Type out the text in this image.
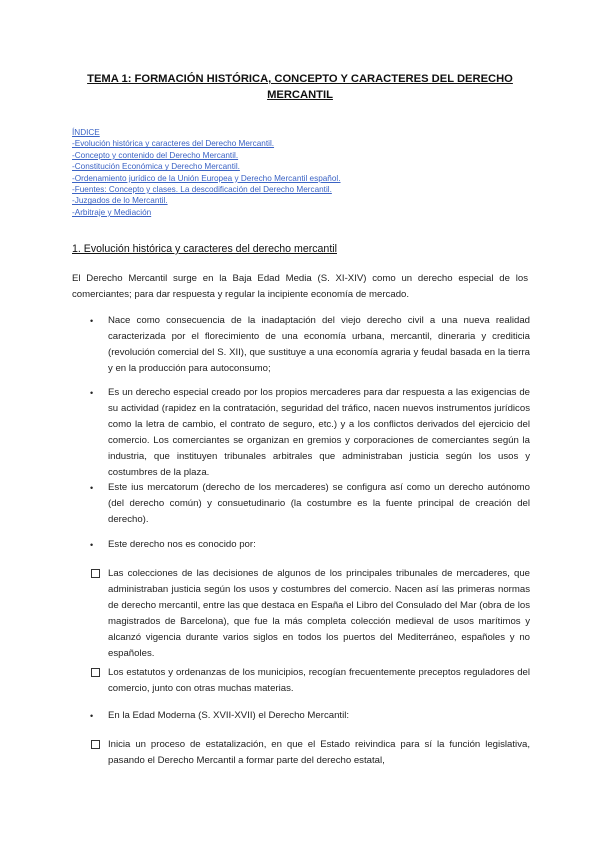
TEMA 1: FORMACIÓN HISTÓRICA, CONCEPTO Y CARACTERES DEL DERECHO MERCANTIL
ÍNDICE
-Evolución histórica y caracteres del Derecho Mercantil.
-Concepto y contenido del Derecho Mercantil.
-Constitución Económica y Derecho Mercantil.
-Ordenamiento jurídico de la Unión Europea y Derecho Mercantil español.
-Fuentes: Concepto y clases. La descodificación del Derecho Mercantil.
-Juzgados de lo Mercantil.
-Arbitraje y Mediación
1. Evolución histórica y caracteres del derecho mercantil
El Derecho Mercantil surge en la Baja Edad Media (S. XI-XIV) como un derecho especial de los comerciantes; para dar respuesta y regular la incipiente economía de mercado.
•	Nace como consecuencia de la inadaptación del viejo derecho civil a una nueva realidad caracterizada por el florecimiento de una economía urbana, mercantil, dineraria y crediticia (revolución comercial del S. XII), que sustituye a una economía agraria y feudal basada en la tierra y en la producción para autoconsumo;
•	Es un derecho especial creado por los propios mercaderes para dar respuesta a las exigencias de su actividad (rapidez en la contratación, seguridad del tráfico, nacen nuevos instrumentos jurídicos como la letra de cambio, el contrato de seguro, etc.) y a los conflictos derivados del ejercicio del comercio. Los comerciantes se organizan en gremios y corporaciones de comerciantes según la industria, que instituyen tribunales arbitrales que administraban justicia según los usos y costumbres de la plaza.
•	Este ius mercatorum (derecho de los mercaderes) se configura así como un derecho autónomo (del derecho común) y consuetudinario (la costumbre es la fuente principal de creación del derecho).
•	Este derecho nos es conocido por:
Las colecciones de las decisiones de algunos de los principales tribunales de mercaderes, que administraban justicia según los usos y costumbres del comercio. Nacen así las primeras normas de derecho mercantil, entre las que destaca en España el Libro del Consulado del Mar (obra de los magistrados de Barcelona), que fue la más completa colección medieval de usos marítimos y alcanzó vigencia durante varios siglos en todos los puertos del Mediterráneo, españoles y no españoles.
Los estatutos y ordenanzas de los municipios, recogían frecuentemente preceptos reguladores del comercio, junto con otras muchas materias.
•	En la Edad Moderna (S. XVII-XVII) el Derecho Mercantil:
Inicia un proceso de estatalización, en que el Estado reivindica para sí la función legislativa, pasando el Derecho Mercantil a formar parte del derecho estatal,
